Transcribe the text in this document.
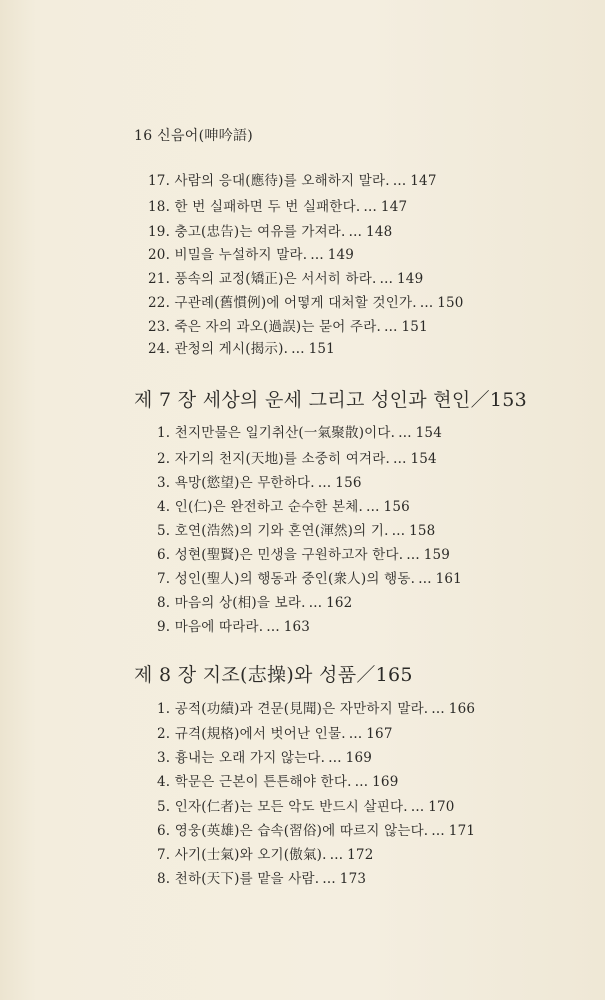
16 신음어(呻吟語)
17. 사람의 응대(應待)를 오해하지 말라. … 147
18. 한 번 실패하면 두 번 실패한다. … 147
19. 충고(忠告)는 여유를 가져라. … 148
20. 비밀을 누설하지 말라. … 149
21. 풍속의 교정(矯正)은 서서히 하라. … 149
22. 구관례(舊慣例)에 어떻게 대처할 것인가. … 150
23. 죽은 자의 과오(過誤)는 묻어 주라. … 151
24. 관청의 게시(揭示). … 151
제 7 장 세상의 운세 그리고 성인과 현인／153
1. 천지만물은 일기취산(一氣聚散)이다. … 154
2. 자기의 천지(天地)를 소중히 여겨라. … 154
3. 욕망(慾望)은 무한하다. … 156
4. 인(仁)은 완전하고 순수한 본체. … 156
5. 호연(浩然)의 기와 혼연(渾然)의 기. … 158
6. 성현(聖賢)은 민생을 구원하고자 한다. … 159
7. 성인(聖人)의 행동과 중인(衆人)의 행동. … 161
8. 마음의 상(相)을 보라. … 162
9. 마음에 따라라. … 163
제 8 장 지조(志操)와 성품／165
1. 공적(功績)과 견문(見聞)은 자만하지 말라. … 166
2. 규격(規格)에서 벗어난 인물. … 167
3. 흉내는 오래 가지 않는다. … 169
4. 학문은 근본이 튼튼해야 한다. … 169
5. 인자(仁者)는 모든 악도 반드시 살핀다. … 170
6. 영웅(英雄)은 습속(習俗)에 따르지 않는다. … 171
7. 사기(士氣)와 오기(傲氣). … 172
8. 천하(天下)를 맡을 사람. … 173
